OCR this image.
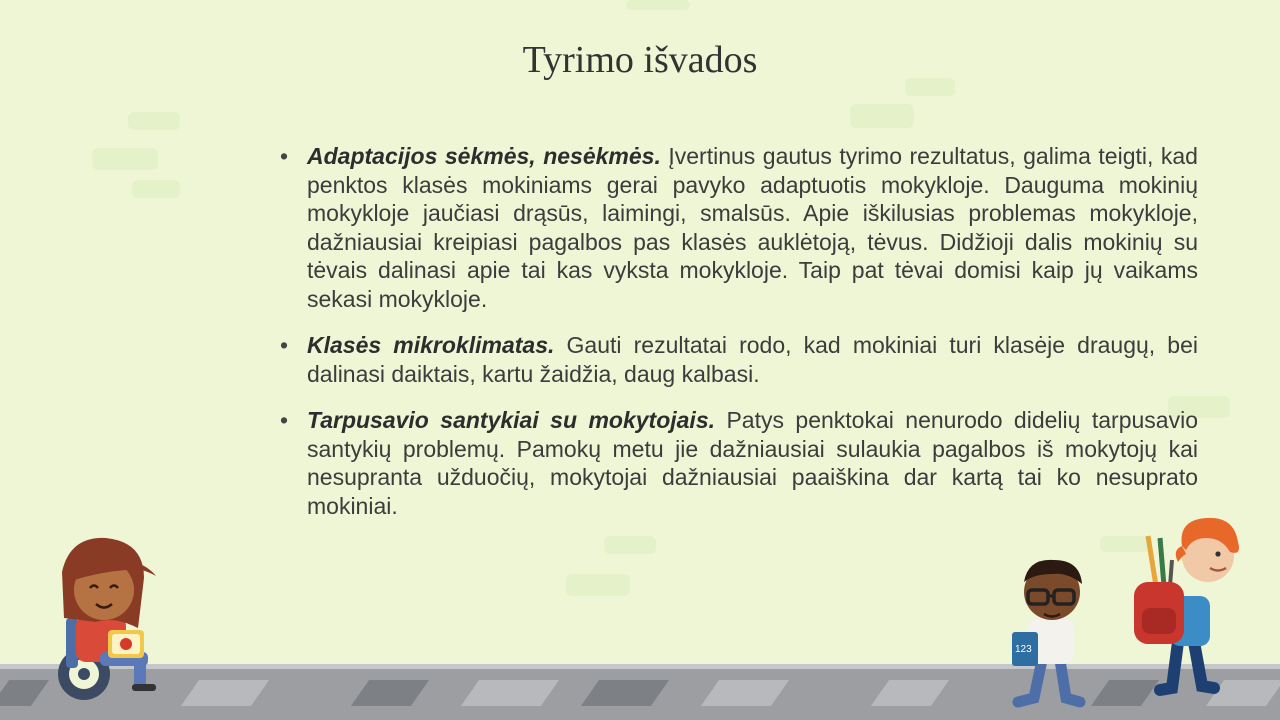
Tyrimo išvados
• Adaptacijos sėkmės, nesėkmės. Įvertinus gautus tyrimo rezultatus, galima teigti, kad penktos klasės mokiniams gerai pavyko adaptuotis mokykloje. Dauguma mokinių mokykloje jaučiasi drąsūs, laimingi, smalsūs. Apie iškilusias problemas mokykloje, dažniausiai kreipiasi pagalbos pas klasės auklėtoją, tėvus. Didžioji dalis mokinių su tėvais dalinasi apie tai kas vyksta mokykloje. Taip pat tėvai domisi kaip jų vaikams sekasi mokykloje.
• Klasės mikroklimatas. Gauti rezultatai rodo, kad mokiniai turi klasėje draugų, bei dalinasi daiktais, kartu žaidžia, daug kalbasi.
• Tarpusavio santykiai su mokytojais. Patys penktokai nenurodo didelių tarpusavio santykių problemų. Pamokų metu jie dažniausiai sulaukia pagalbos iš mokytojų kai nesupranta užduočių, mokytojai dažniausiai paaiškina dar kartą tai ko nesuprato mokiniai.
123
